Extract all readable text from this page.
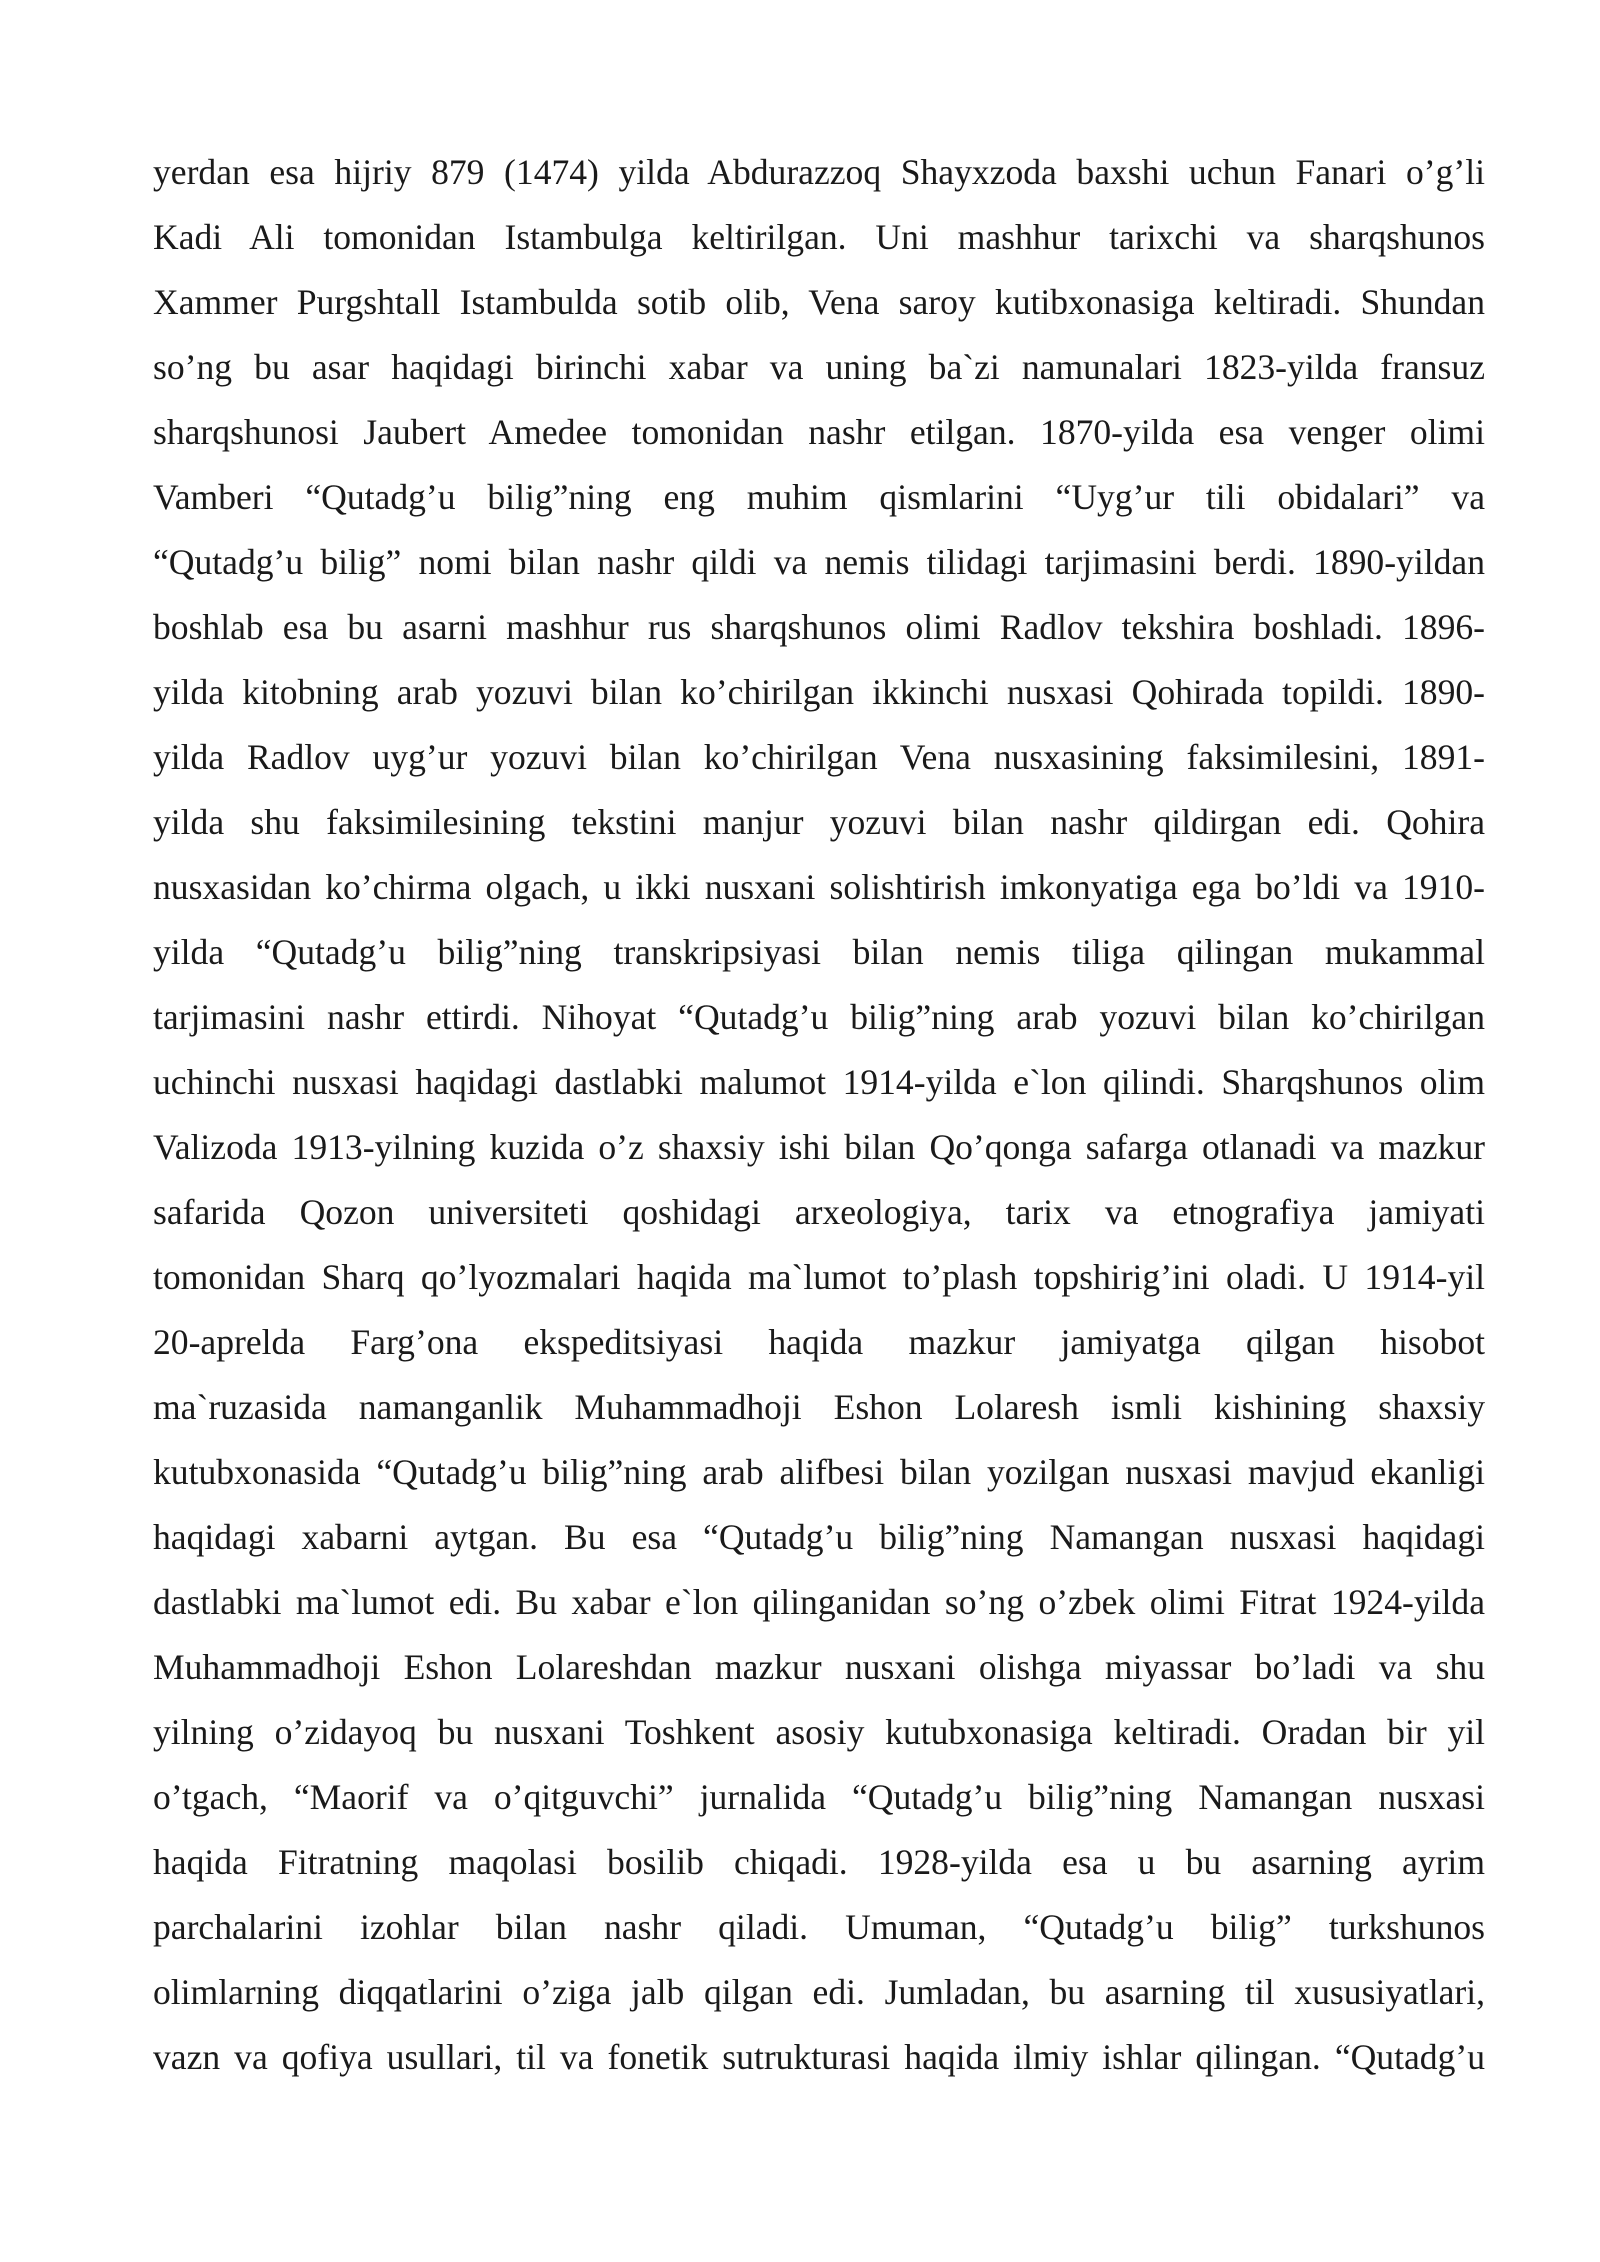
yerdan esa hijriy 879 (1474) yilda Abdurazzoq Shayxzoda baxshi uchun Fanari o’g’li
Kadi Ali tomonidan Istambulga keltirilgan. Uni mashhur tarixchi va sharqshunos
Xammer Purgshtall Istambulda sotib olib, Vena saroy kutibxonasiga keltiradi. Shundan
so’ng bu asar haqidagi birinchi xabar va uning ba`zi namunalari 1823-yilda fransuz
sharqshunosi Jaubert Amedee tomonidan nashr etilgan. 1870-yilda esa venger olimi
Vamberi “Qutadg’u bilig”ning eng muhim qismlarini “Uyg’ur tili obidalari” va
“Qutadg’u bilig” nomi bilan nashr qildi va nemis tilidagi tarjimasini berdi. 1890-yildan
boshlab esa bu asarni mashhur rus sharqshunos olimi Radlov tekshira boshladi. 1896-
yilda kitobning arab yozuvi bilan ko’chirilgan ikkinchi nusxasi Qohirada topildi. 1890-
yilda Radlov uyg’ur yozuvi bilan ko’chirilgan Vena nusxasining faksimilesini, 1891-
yilda shu faksimilesining tekstini manjur yozuvi bilan nashr qildirgan edi. Qohira
nusxasidan ko’chirma olgach, u ikki nusxani solishtirish imkonyatiga ega bo’ldi va 1910-
yilda “Qutadg’u bilig”ning transkripsiyasi bilan nemis tiliga qilingan mukammal
tarjimasini nashr ettirdi. Nihoyat “Qutadg’u bilig”ning arab yozuvi bilan ko’chirilgan
uchinchi nusxasi haqidagi dastlabki malumot 1914-yilda e`lon qilindi. Sharqshunos olim
Valizoda 1913-yilning kuzida o’z shaxsiy ishi bilan Qo’qonga safarga otlanadi va mazkur
safarida Qozon universiteti qoshidagi arxeologiya, tarix va etnografiya jamiyati
tomonidan Sharq qo’lyozmalari haqida ma`lumot to’plash topshirig’ini oladi. U 1914-yil
20-aprelda Farg’ona ekspeditsiyasi haqida mazkur jamiyatga qilgan hisobot
ma`ruzasida namanganlik Muhammadhoji Eshon Lolaresh ismli kishining shaxsiy
kutubxonasida “Qutadg’u bilig”ning arab alifbesi bilan yozilgan nusxasi mavjud ekanligi
haqidagi xabarni aytgan. Bu esa “Qutadg’u bilig”ning Namangan nusxasi haqidagi
dastlabki ma`lumot edi. Bu xabar e`lon qilinganidan so’ng o’zbek olimi Fitrat 1924-yilda
Muhammadhoji Eshon Lolareshdan mazkur nusxani olishga miyassar bo’ladi va shu
yilning o’zidayoq bu nusxani Toshkent asosiy kutubxonasiga keltiradi. Oradan bir yil
o’tgach, “Maorif va o’qitguvchi” jurnalida “Qutadg’u bilig”ning Namangan nusxasi
haqida Fitratning maqolasi bosilib chiqadi. 1928-yilda esa u bu asarning ayrim
parchalarini izohlar bilan nashr qiladi. Umuman, “Qutadg’u bilig” turkshunos
olimlarning diqqatlarini o’ziga jalb qilgan edi. Jumladan, bu asarning til xususiyatlari,
vazn va qofiya usullari, til va fonetik sutrukturasi haqida ilmiy ishlar qilingan. “Qutadg’u
